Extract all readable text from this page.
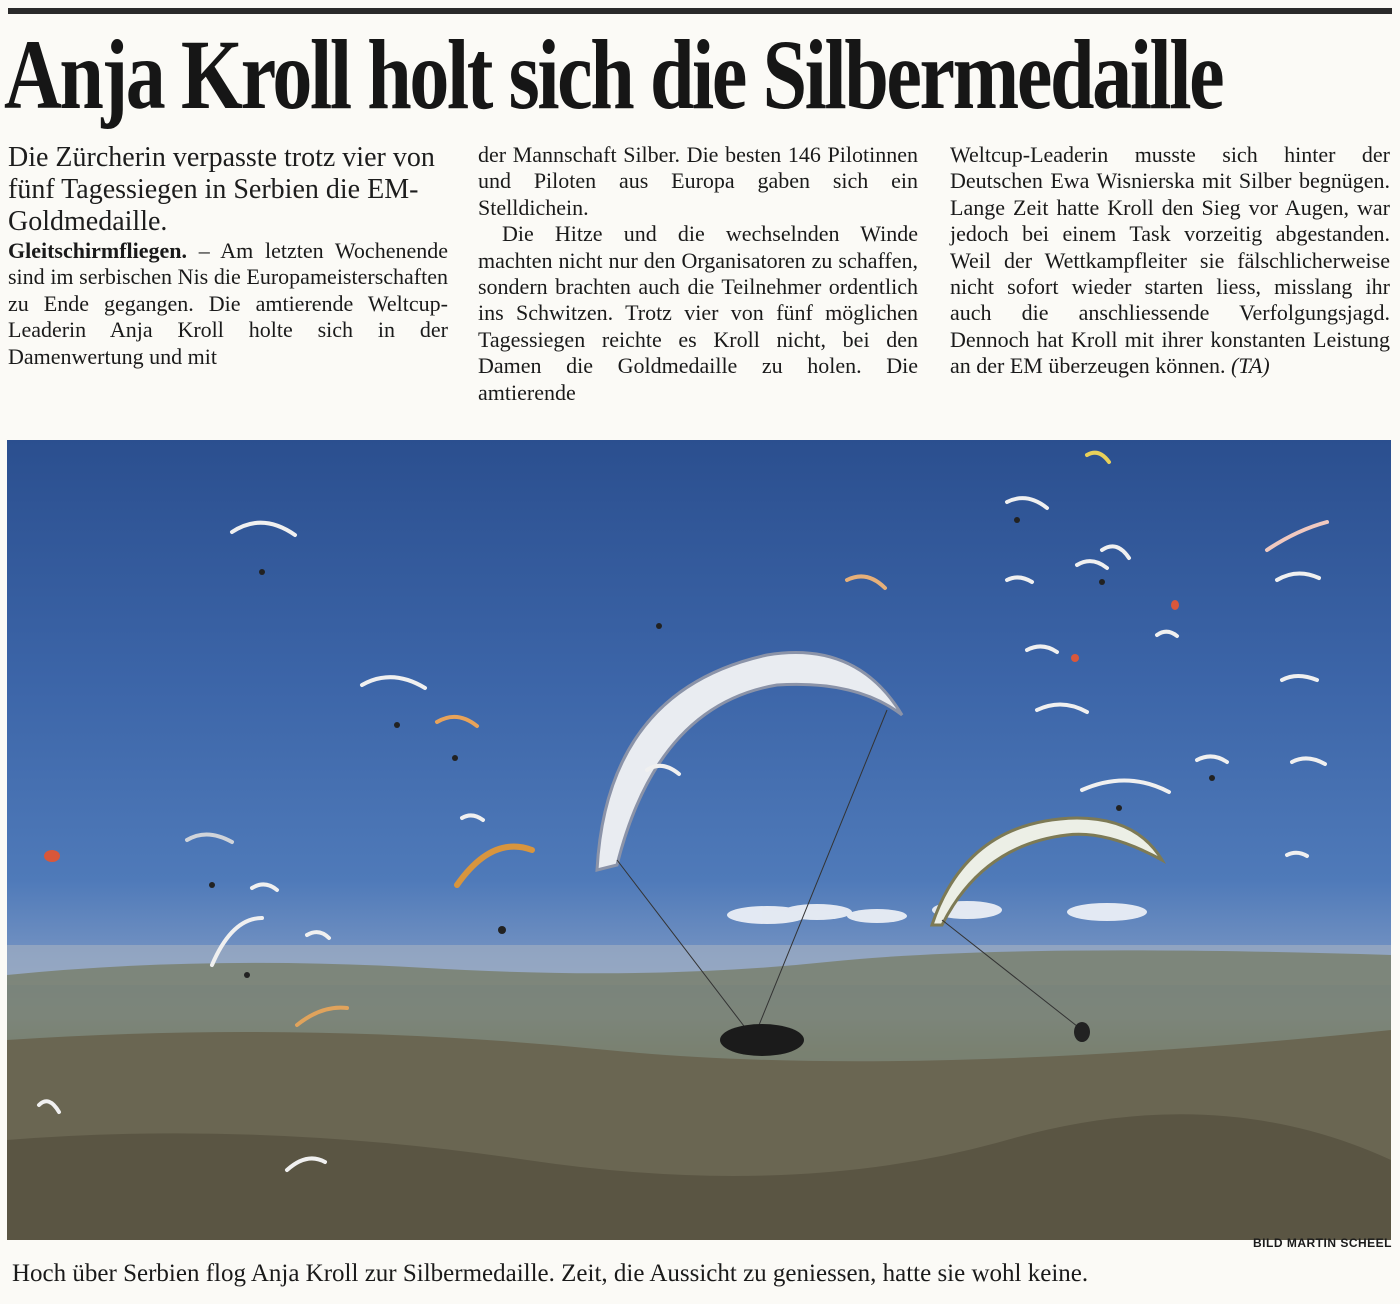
Anja Kroll holt sich die Silbermedaille

Die Zürcherin verpasste trotz vier von fünf Tagessiegen in Serbien die EM-Goldmedaille.

Gleitschirmfliegen. – Am letzten Wochenende sind im serbischen Nis die Europameisterschaften zu Ende gegangen. Die amtierende Weltcup-Leaderin Anja Kroll holte sich in der Damenwertung und mit

der Mannschaft Silber. Die besten 146 Pilotinnen und Piloten aus Europa gaben sich ein Stelldichein.

Die Hitze und die wechselnden Winde machten nicht nur den Organisatoren zu schaffen, sondern brachten auch die Teilnehmer ordentlich ins Schwitzen. Trotz vier von fünf möglichen Tagessiegen reichte es Kroll nicht, bei den Damen die Goldmedaille zu holen. Die amtierende

Weltcup-Leaderin musste sich hinter der Deutschen Ewa Wisnierska mit Silber begnügen. Lange Zeit hatte Kroll den Sieg vor Augen, war jedoch bei einem Task vorzeitig abgestanden. Weil der Wettkampfleiter sie fälschlicherweise nicht sofort wieder starten liess, misslang ihr auch die anschliessende Verfolgungsjagd. Dennoch hat Kroll mit ihrer konstanten Leistung an der EM überzeugen können. (TA)

BILD MARTIN SCHEEL
Hoch über Serbien flog Anja Kroll zur Silbermedaille. Zeit, die Aussicht zu geniessen, hatte sie wohl keine.
